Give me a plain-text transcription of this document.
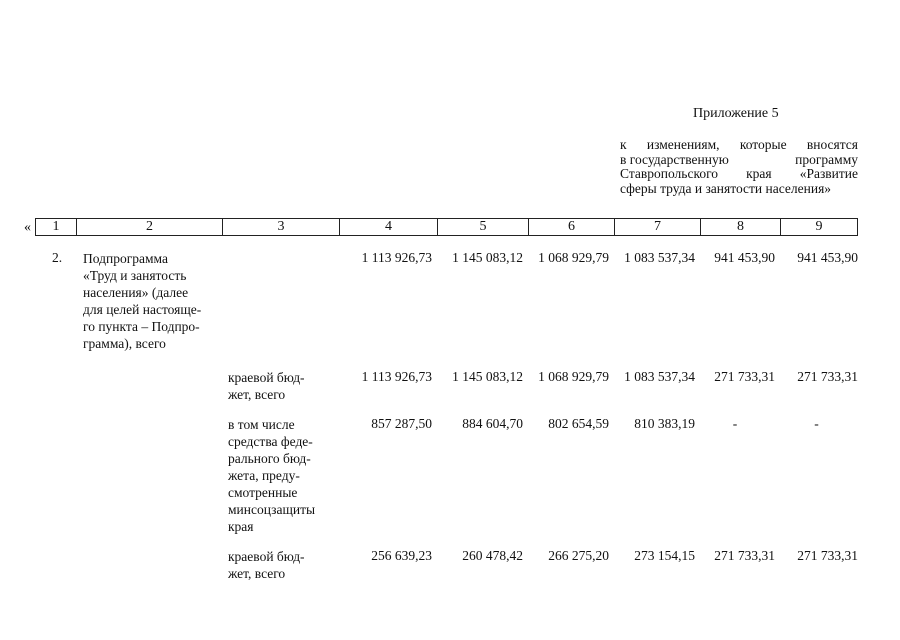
Приложение 5
к изменениям, которые вносятся
в государственную	программу
Ставропольского края «Развитие
сферы труда и занятости населения»
« 1	2	3	4	5	6	7	8	9
2. Подпрограмма
«Труд и занятость
населения» (далее
для целей настояще-
го пункта – Подпро-
грамма), всего
1 113 926,73	1 145 083,12	1 068 929,79	1 083 537,34	941 453,90	941 453,90
краевой бюд-
жет, всего
1 113 926,73	1 145 083,12	1 068 929,79	1 083 537,34	271 733,31	271 733,31
в том числе
средства феде-
рального бюд-
жета, преду-
смотренные
минсоцзащиты
края
857 287,50	884 604,70	802 654,59	810 383,19	-	-
краевой бюд-
жет, всего
256 639,23	260 478,42	266 275,20	273 154,15	271 733,31	271 733,31
